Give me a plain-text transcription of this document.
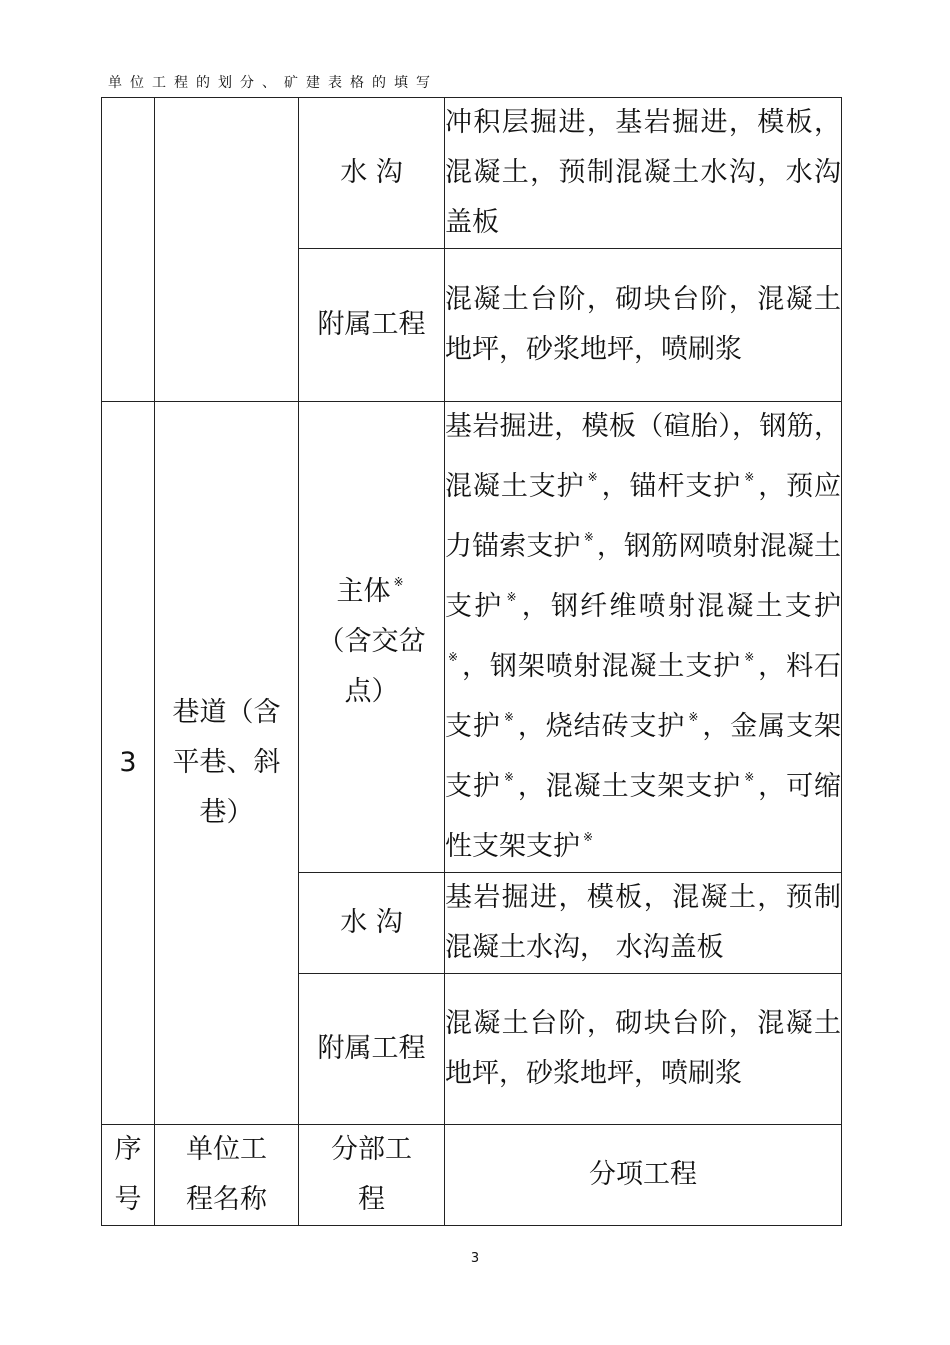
单位工程的划分、矿建表格的填写
		水 沟	冲积层掘进，基岩掘进，模板，混凝土，预制混凝土水沟，水沟盖板
		附属工程	混凝土台阶，砌块台阶，混凝土地坪，砂浆地坪，喷刷浆
3	巷道（含平巷、斜巷）	主体 ※ （含交岔点）	基岩掘进，模板（碹胎），钢筋，混凝土支护 ※ ，锚杆支护 ※ ，预应力锚索支护 ※ ，钢筋网喷射混凝土支护 ※ ，钢纤维喷射混凝土支护※ ，钢架喷射混凝土支护 ※ ，料石支护 ※ ，烧结砖支护 ※ ，金属支架支护 ※ ，混凝土支架支护 ※ ，可缩性支架支护 ※
		水 沟	基岩掘进，模板，混凝土，预制混凝土水沟， 水沟盖板
		附属工程	混凝土台阶，砌块台阶，混凝土地坪，砂浆地坪，喷刷浆
序号	单位工程名称	分部工程	分项工程
3
